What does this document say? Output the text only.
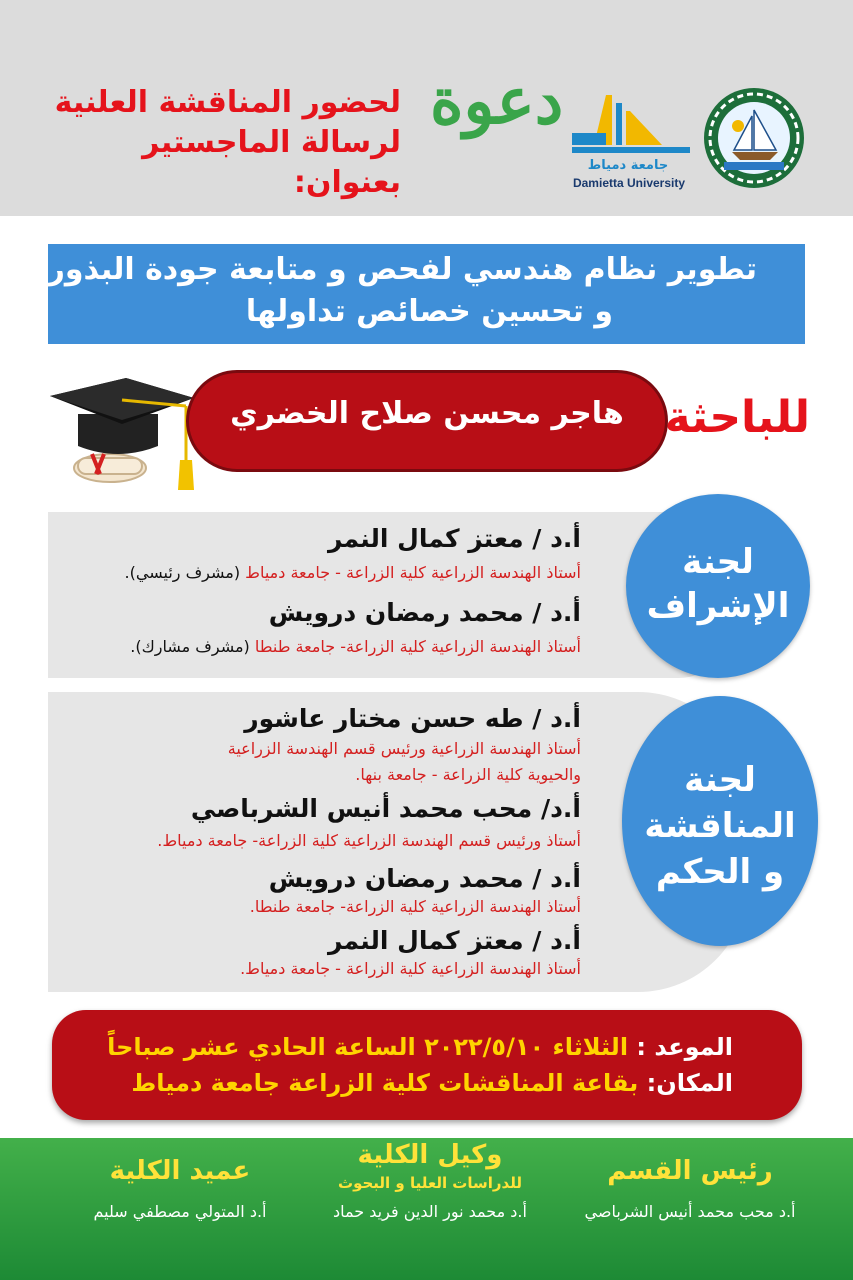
لحضور المناقشة العلنية
لرسالة الماجستير
بعنوان:
دعوة
جامعة دمياط
Damietta University
تطوير نظام هندسي لفحص و متابعة جودة البذور
و تحسين خصائص تداولها
هاجر محسن صلاح الخضري للباحثة
لجنة
الإشراف
أ.د / معتز كمال النمر
أستاذ الهندسة الزراعية كلية الزراعة - جامعة دمياط (مشرف رئيسي).
أ.د / محمد رمضان درويش
أستاذ الهندسة الزراعية كلية الزراعة- جامعة طنطا (مشرف مشارك).
لجنة
المناقشة
و الحكم
أ.د / طه حسن مختار عاشور
أستاذ الهندسة الزراعية ورئيس قسم الهندسة الزراعية
والحيوية كلية الزراعة - جامعة بنها.
أ.د/ محب محمد أنيس الشرباصي
أستاذ ورئيس قسم الهندسة الزراعية كلية الزراعة- جامعة دمياط.
أ.د / محمد رمضان درويش
أستاذ الهندسة الزراعية كلية الزراعة- جامعة طنطا.
أ.د / معتز كمال النمر
أستاذ الهندسة الزراعية كلية الزراعة - جامعة دمياط.
الموعد : الثلاثاء ٢٠٢٢/٥/١٠ الساعة الحادي عشر صباحاً
المكان: بقاعة المناقشات كلية الزراعة جامعة دمياط
رئيس القسم
أ.د محب محمد أنيس الشرباصي
وكيل الكلية
للدراسات العليا و البحوث
أ.د محمد نور الدين فريد حماد
عميد الكلية
أ.د المتولي مصطفي سليم
